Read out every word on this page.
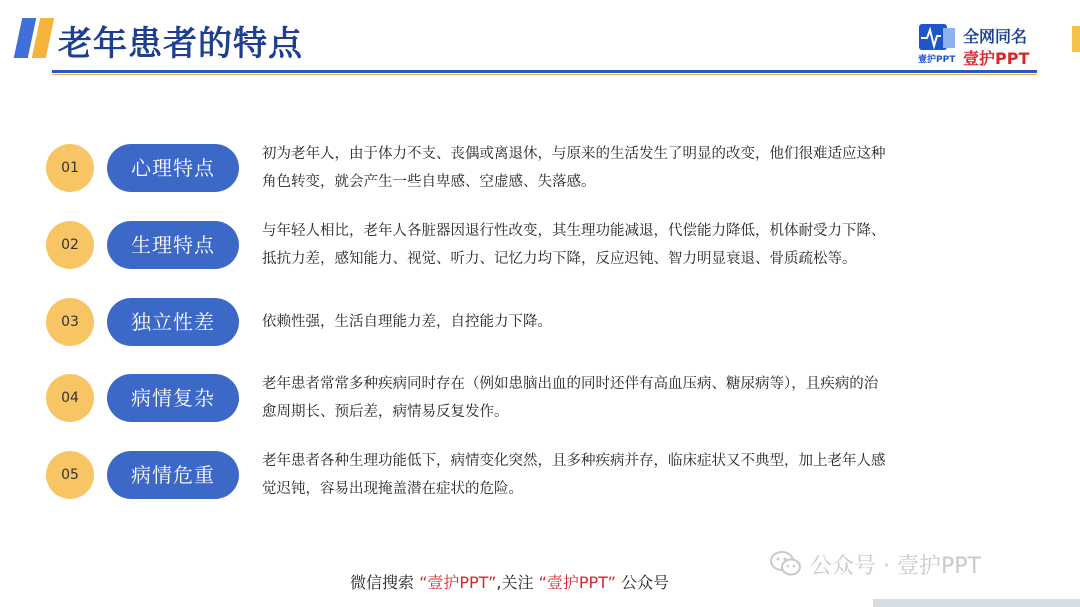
老年患者的特点	壹护PPT
全网同名
壹护PPT
01	心理特点
初为老年人，由于体力不支、丧偶或离退休，与原来的生活发生了明显的改变，他们很难适应这种
角色转变，就会产生一些自卑感、空虚感、失落感。
02	生理特点
与年轻人相比，老年人各脏器因退行性改变，其生理功能减退，代偿能力降低，机体耐受力下降、
抵抗力差，感知能力、视觉、听力、记忆力均下降，反应迟钝、智力明显衰退、骨质疏松等。
03	独立性差	依赖性强，生活自理能力差，自控能力下降。
04	病情复杂
老年患者常常多种疾病同时存在（例如患脑出血的同时还伴有高血压病、糖尿病等），且疾病的治
愈周期长、预后差，病情易反复发作。
05	病情危重
老年患者各种生理功能低下，病情变化突然，且多种疾病并存，临床症状又不典型，加上老年人感
觉迟钝，容易出现掩盖潜在症状的危险。
微信搜索 “壹护PPT”,关注 “壹护PPT” 公众号
公众号 · 壹护PPT
